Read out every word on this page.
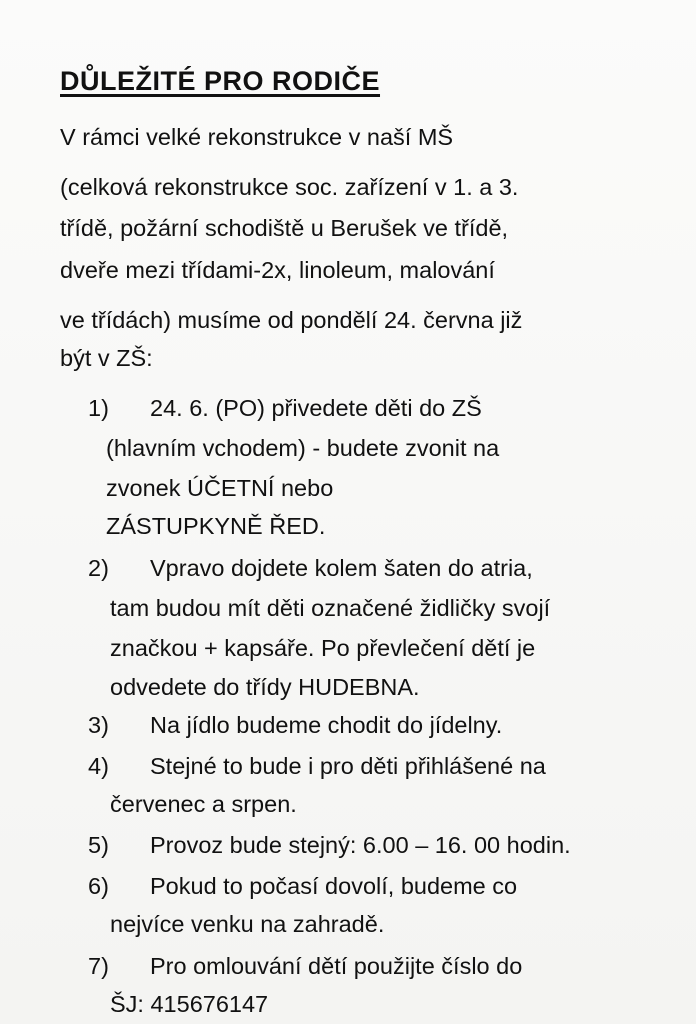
DŮLEŽITÉ PRO RODIČE
V rámci velké rekonstrukce v naší MŠ
(celková rekonstrukce soc. zařízení v 1. a 3.
třídě, požární schodiště u Berušek ve třídě,
dveře mezi třídami-2x, linoleum, malování
ve třídách) musíme od pondělí 24. června již
být v ZŠ:
1) 24. 6. (PO) přivedete děti do ZŠ
(hlavním vchodem) - budete zvonit na
zvonek ÚČETNÍ nebo
ZÁSTUPKYNĚ ŘED.
2) Vpravo dojdete kolem šaten do atria,
tam budou mít děti označené židličky svojí
značkou + kapsáře. Po převlečení dětí je
odvedete do třídy HUDEBNA.
3) Na jídlo budeme chodit do jídelny.
4) Stejné to bude i pro děti přihlášené na
červenec a srpen.
5) Provoz bude stejný: 6.00 – 16. 00 hodin.
6) Pokud to počasí dovolí, budeme co
nejvíce venku na zahradě.
7) Pro omlouvání dětí použijte číslo do
ŠJ: 415676147
